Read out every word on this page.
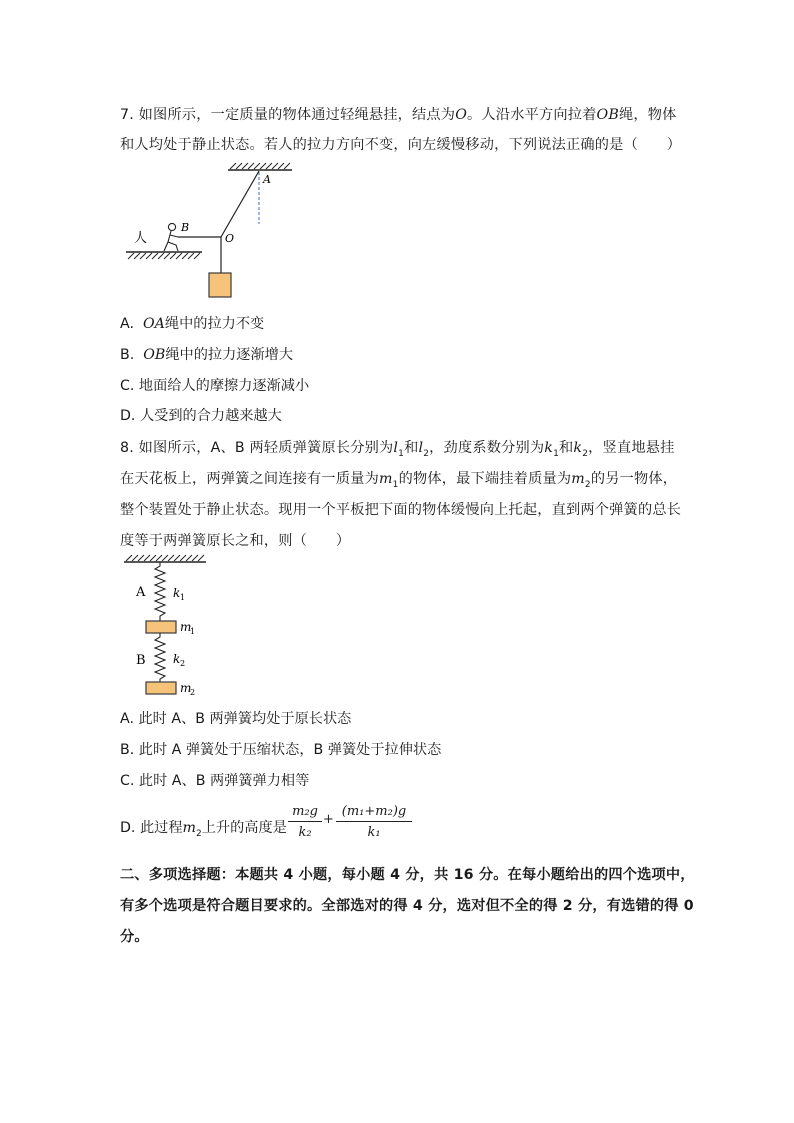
7. 如图所示，一定质量的物体通过轻绳悬挂，结点为O。人沿水平方向拉着OB绳，物体
和人均处于静止状态。若人的拉力方向不变，向左缓慢移动，下列说法正确的是（　　）
B
O
A
人
A. OA绳中的拉力不变
B. OB绳中的拉力逐渐增大
C. 地面给人的摩擦力逐渐减小
D. 人受到的合力越来越大
8. 如图所示，A、B 两轻质弹簧原长分别为$l_1$和$l_2$，劲度系数分别为$k_1$和$k_2$，竖直地悬挂
在天花板上，两弹簧之间连接有一质量为$m_1$的物体，最下端挂着质量为$m_2$的另一物体，
整个装置处于静止状态。现用一个平板把下面的物体缓慢向上托起，直到两个弹簧的总长
度等于两弹簧原长之和，则（　　）
A k 1
m
1
B k 2
m
2
A. 此时 A、B 两弹簧均处于原长状态
B. 此时 A 弹簧处于压缩状态，B 弹簧处于拉伸状态
C. 此时 A、B 两弹簧弹力相等
D. 此过程$m_2$上升的高度是
m₂g
k₂
+
(m₁+m₂)g
k₁
二、多项选择题：本题共 4 小题，每小题 4 分，共 16 分。在每小题给出的四个选项中，
有多个选项是符合题目要求的。全部选对的得 4 分，选对但不全的得 2 分，有选错的得 0
分。
